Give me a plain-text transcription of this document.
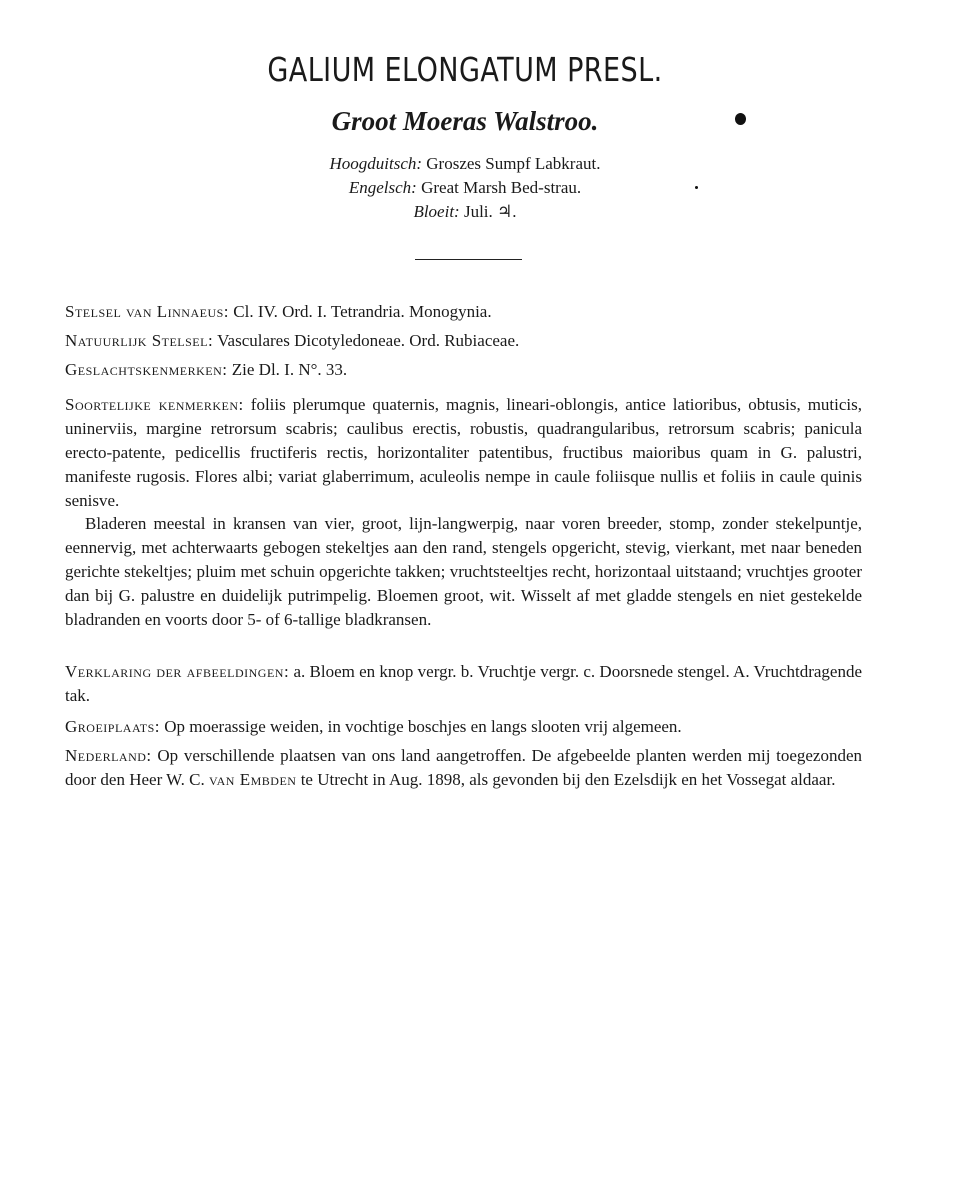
GALIUM ELONGATUM PRESL.
Groot Moeras Walstroo.
Hoogduitsch: Groszes Sumpf Labkraut.
Engelsch: Great Marsh Bed-strau.
Bloeit: Juli. ♃.
Stelsel van Linnaeus: Cl. IV. Ord. I. Tetrandria. Monogynia.
Natuurlijk Stelsel: Vasculares Dicotyledoneae. Ord. Rubiaceae.
Geslachtskenmerken: Zie Dl. I. N°. 33.
Soortelijke kenmerken: foliis plerumque quaternis, magnis, lineari-oblongis, antice latioribus, obtusis, muticis, uninerviis, margine retrorsum scabris; caulibus erectis, robustis, quadrangularibus, retrorsum scabris; panicula erecto-patente, pedicellis fructiferis rectis, horizontaliter patentibus, fructibus maioribus quam in G. palustri, manifeste rugosis. Flores albi; variat glaberrimum, aculeolis nempe in caule foliisque nullis et foliis in caule quinis senisve.
Bladeren meestal in kransen van vier, groot, lijn-langwerpig, naar voren breeder, stomp, zonder stekelpuntje, eennervig, met achterwaarts gebogen stekeltjes aan den rand, stengels opgericht, stevig, vierkant, met naar beneden gerichte stekeltjes; pluim met schuin opgerichte takken; vruchtsteeltjes recht, horizontaal uitstaand; vruchtjes grooter dan bij G. palustre en duidelijk putrimpelig. Bloemen groot, wit. Wisselt af met gladde stengels en niet gestekelde bladranden en voorts door 5- of 6-tallige bladkransen.
Verklaring der afbeeldingen: a. Bloem en knop vergr. b. Vruchtje vergr. c. Doorsnede stengel. A. Vruchtdragende tak.
Groeiplaats: Op moerassige weiden, in vochtige boschjes en langs slooten vrij algemeen.
Nederland: Op verschillende plaatsen van ons land aangetroffen. De afgebeelde planten werden mij toegezonden door den Heer W. C. van Embden te Utrecht in Aug. 1898, als gevonden bij den Ezelsdijk en het Vossegat aldaar.
